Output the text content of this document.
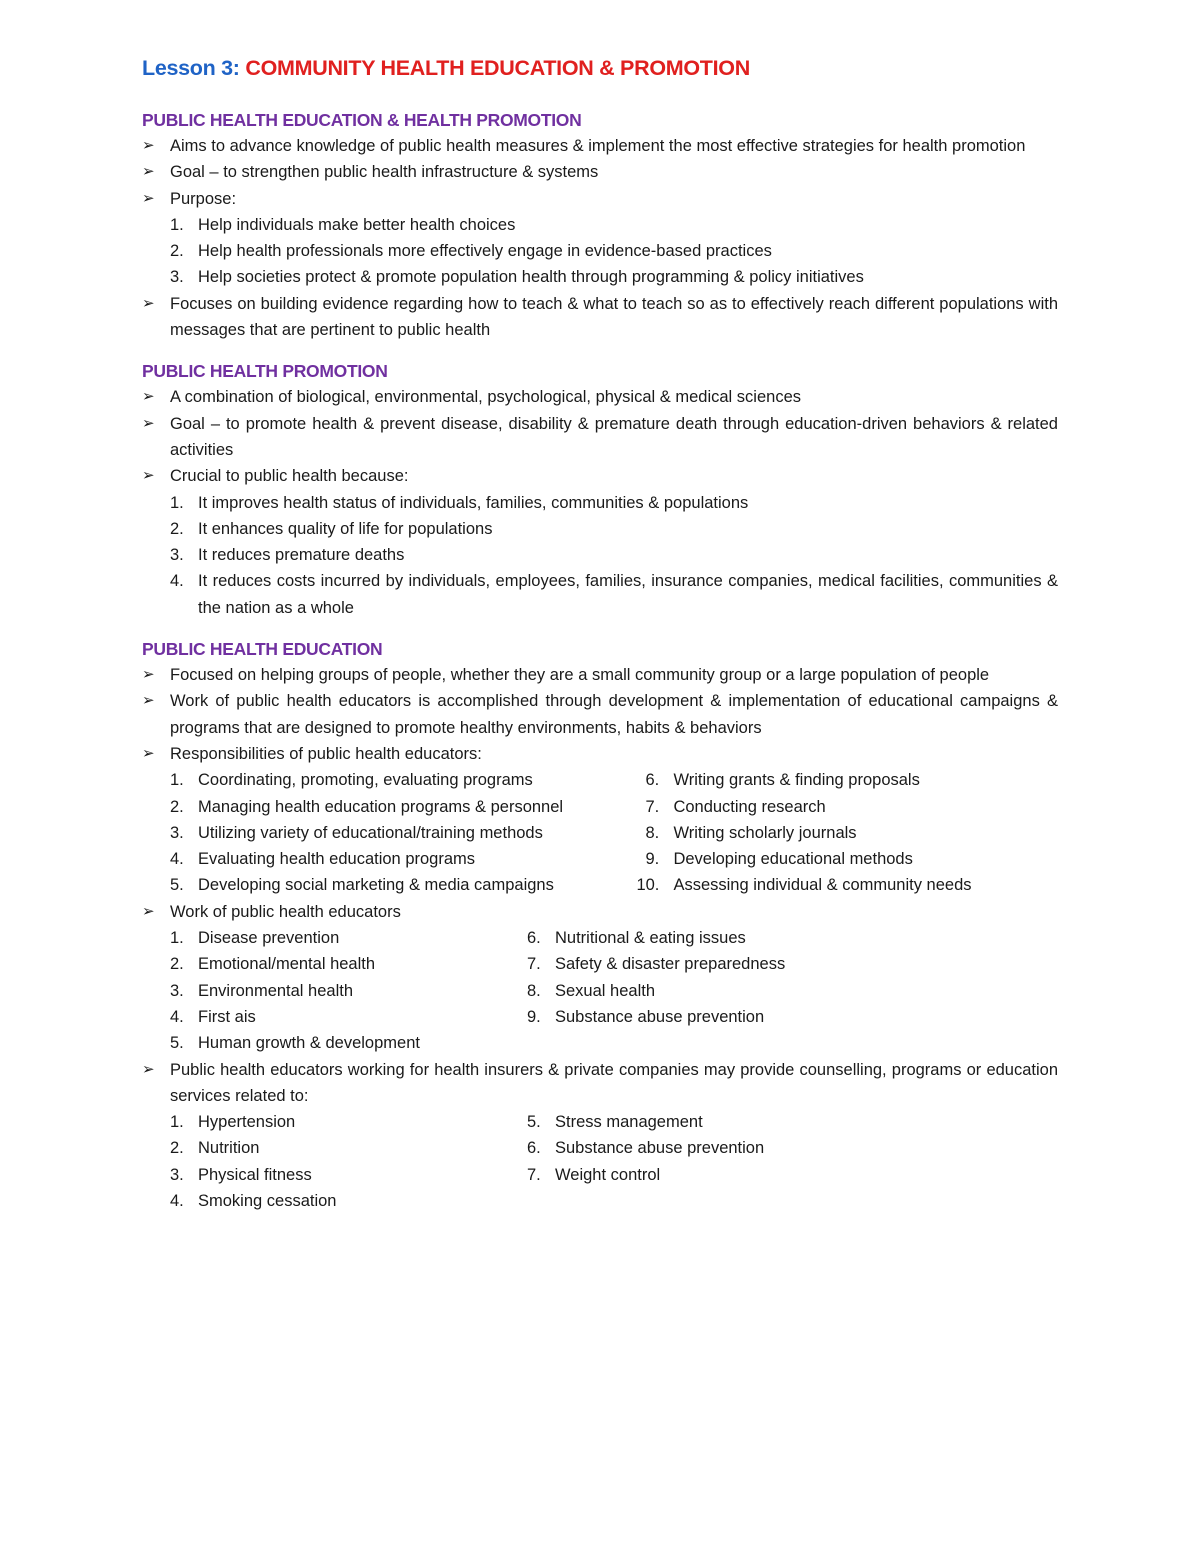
Lesson 3: COMMUNITY HEALTH EDUCATION & PROMOTION
PUBLIC HEALTH EDUCATION & HEALTH PROMOTION
➢ Aims to advance knowledge of public health measures & implement the most effective strategies for health promotion
➢ Goal – to strengthen public health infrastructure & systems
➢ Purpose:
1. Help individuals make better health choices
2. Help health professionals more effectively engage in evidence-based practices
3. Help societies protect & promote population health through programming & policy initiatives
➢ Focuses on building evidence regarding how to teach & what to teach so as to effectively reach different populations with messages that are pertinent to public health
PUBLIC HEALTH PROMOTION
➢ A combination of biological, environmental, psychological, physical & medical sciences
➢ Goal – to promote health & prevent disease, disability & premature death through education-driven behaviors & related activities
➢ Crucial to public health because:
1. It improves health status of individuals, families, communities & populations
2. It enhances quality of life for populations
3. It reduces premature deaths
4. It reduces costs incurred by individuals, employees, families, insurance companies, medical facilities, communities & the nation as a whole
PUBLIC HEALTH EDUCATION
➢ Focused on helping groups of people, whether they are a small community group or a large population of people
➢ Work of public health educators is accomplished through development & implementation of educational campaigns & programs that are designed to promote healthy environments, habits & behaviors
➢ Responsibilities of public health educators:
1. Coordinating, promoting, evaluating programs
2. Managing health education programs & personnel
3. Utilizing variety of educational/training methods
4. Evaluating health education programs
5. Developing social marketing & media campaigns
6. Writing grants & finding proposals
7. Conducting research
8. Writing scholarly journals
9. Developing educational methods
10. Assessing individual & community needs
➢ Work of public health educators
1. Disease prevention
2. Emotional/mental health
3. Environmental health
4. First ais
5. Human growth & development
6. Nutritional & eating issues
7. Safety & disaster preparedness
8. Sexual health
9. Substance abuse prevention
➢ Public health educators working for health insurers & private companies may provide counselling, programs or education services related to:
1. Hypertension
2. Nutrition
3. Physical fitness
4. Smoking cessation
5. Stress management
6. Substance abuse prevention
7. Weight control
